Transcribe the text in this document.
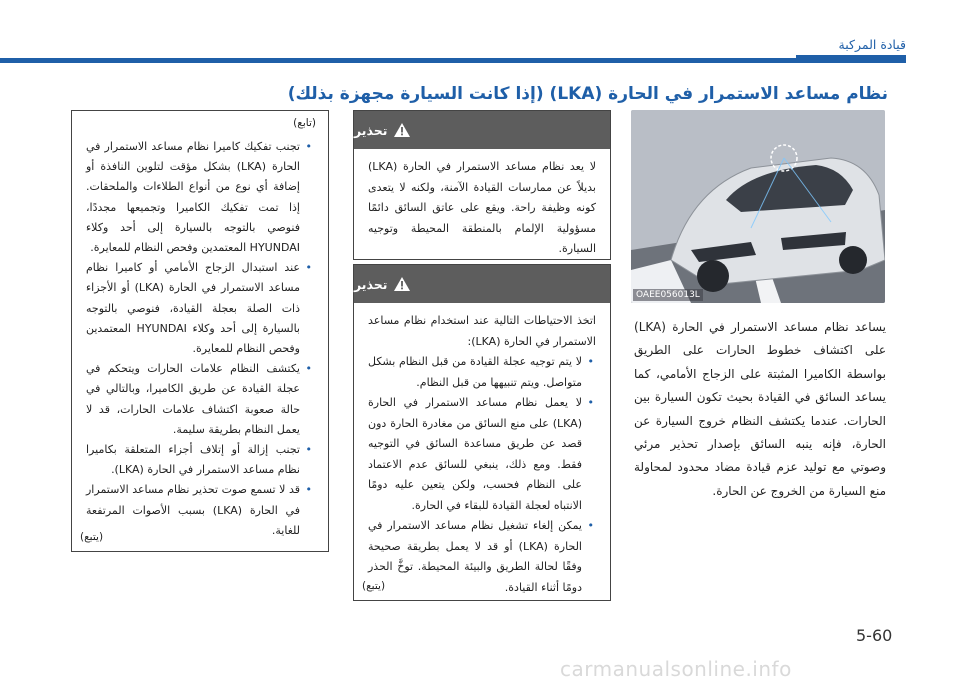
قيادة المركبة
نظام مساعد الاستمرار في الحارة (LKA) (إذا كانت السيارة مجهزة بذلك)
OAEE056013L
يساعد نظام مساعد الاستمرار في الحارة (LKA) على اكتشاف خطوط الحارات على الطريق بواسطة الكاميرا المثبتة على الزجاج الأمامي، كما يساعد السائق في القيادة بحيث تكون السيارة بين الحارات. عندما يكتشف النظام خروج السيارة عن الحارة، فإنه ينبه السائق بإصدار تحذير مرئي وصوتي مع تولید عزم قيادة مضاد محدود لمحاولة منع السيارة من الخروج عن الحارة.
تحذير
لا يعد نظام مساعد الاستمرار في الحارة (LKA) بديلاً عن ممارسات القيادة الآمنة، ولكنه لا يتعدى كونه وظيفة راحة. ويقع على عاتق السائق دائمًا مسؤولية الإلمام بالمنطقة المحيطة وتوجيه السيارة.
تحذير
اتخذ الاحتياطات التالية عند استخدام نظام مساعد الاستمرار في الحارة (LKA):
• لا يتم توجيه عجلة القيادة من قبل النظام بشكل متواصل. ويتم تنبيهها من قبل النظام.
• لا يعمل نظام مساعد الاستمرار في الحارة (LKA) على منع السائق من مغادرة الحارة دون قصد عن طريق مساعدة السائق في التوجيه فقط. ومع ذلك، ينبغي للسائق عدم الاعتماد على النظام فحسب، ولكن يتعين عليه دومًا الانتباه لعجلة القيادة للبقاء في الحارة.
• يمكن إلغاء تشغيل نظام مساعد الاستمرار في الحارة (LKA) أو قد لا يعمل بطريقة صحيحة وفقًا لحالة الطريق والبيئة المحيطة. توخَّ الحذر دومًا أثناء القيادة.
(يتبع)
(تابع)
• تجنب تفكيك كاميرا نظام مساعد الاستمرار في الحارة (LKA) بشكل مؤقت لتلوين النافذة أو إضافة أي نوع من أنواع الطلاءات والملحقات. إذا تمت تفكيك الكاميرا وتجميعها مجددًا، فنوصي بالتوجه بالسيارة إلى أحد وكلاء HYUNDAI المعتمدين وفحص النظام للمعايرة.
• عند استبدال الزجاج الأمامي أو كاميرا نظام مساعد الاستمرار في الحارة (LKA) أو الأجزاء ذات الصلة بعجلة القيادة، فنوصي بالتوجه بالسيارة إلى أحد وكلاء HYUNDAI المعتمدين وفحص النظام للمعايرة.
• يكتشف النظام علامات الحارات ويتحكم في عجلة القيادة عن طريق الكاميرا، وبالتالي في حالة صعوبة اكتشاف علامات الحارات، قد لا يعمل النظام بطريقة سليمة.
• تجنب إزالة أو إتلاف أجزاء المتعلقة بكاميرا نظام مساعد الاستمرار في الحارة (LKA).
• قد لا تسمع صوت تحذير نظام مساعد الاستمرار في الحارة (LKA) بسبب الأصوات المرتفعة للغاية.
(يتبع)
5-60
carmanualsonline.info
